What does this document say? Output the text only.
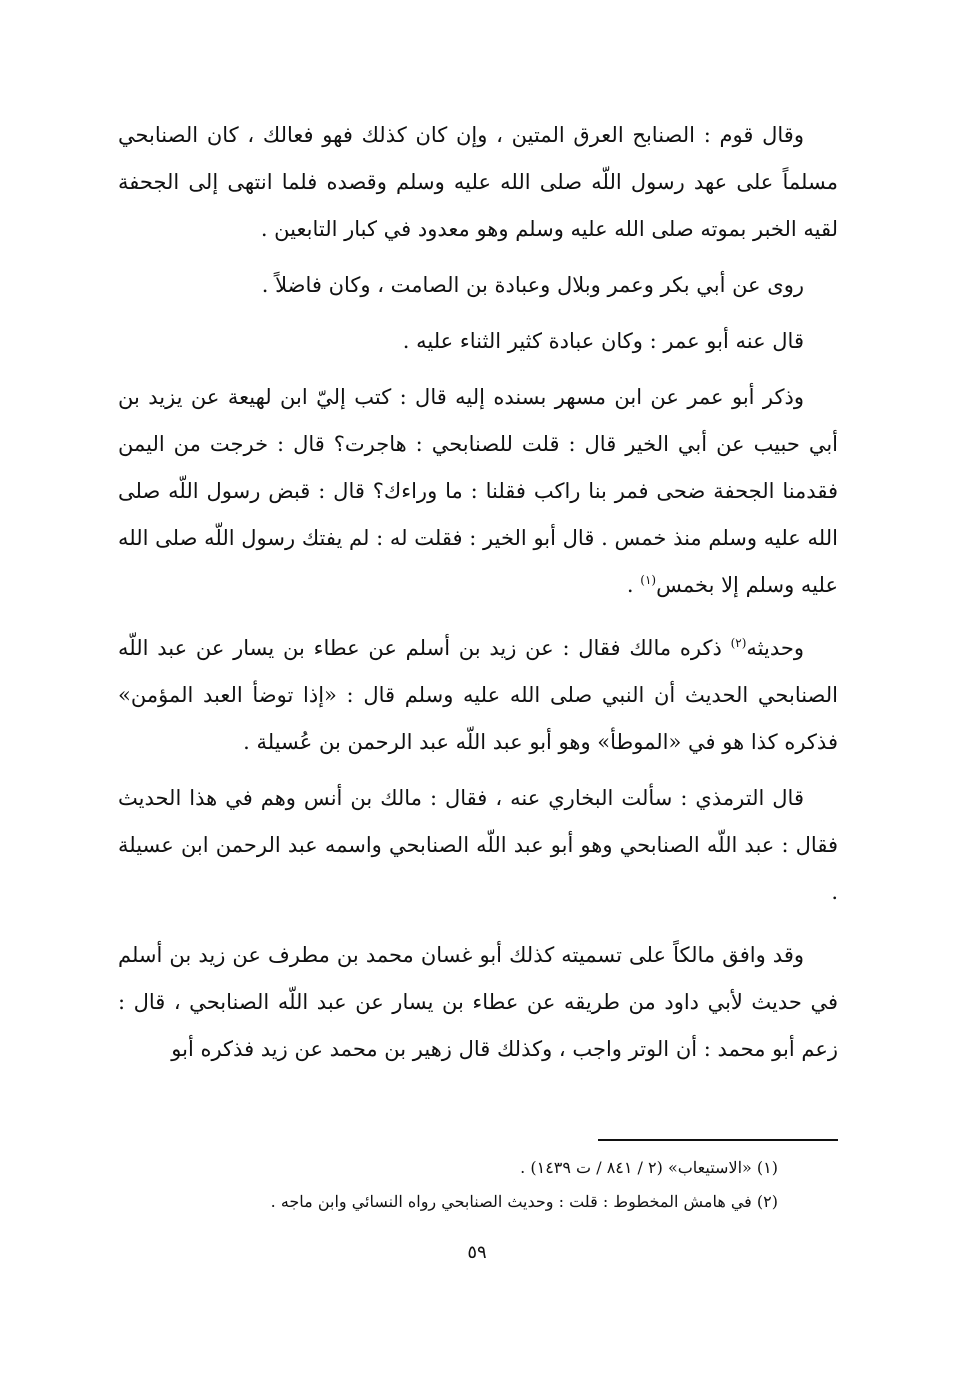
وقال قوم : الصنابح العرق المتين ، وإن كان كذلك فهو فعالك ، كان الصنابحي مسلماً على عهد رسول اللّه صلى الله عليه وسلم وقصده فلما انتهى إلى الجحفة لقيه الخبر بموته صلى الله عليه وسلم وهو معدود في كبار التابعين .

روى عن أبي بكر وعمر وبلال وعبادة بن الصامت ، وكان فاضلاً .

قال عنه أبو عمر : وكان عبادة كثير الثناء عليه .

وذكر أبو عمر عن ابن مسهر بسنده إليه قال : كتب إليّ ابن لهيعة عن يزيد بن أبي حبيب عن أبي الخير قال : قلت للصنابحي : هاجرت؟ قال : خرجت من اليمن فقدمنا الجحفة ضحى فمر بنا راكب فقلنا : ما وراءك؟ قال : قبض رسول اللّه صلى الله عليه وسلم منذ خمس . قال أبو الخير : فقلت له : لم يفتك رسول اللّه صلى الله عليه وسلم إلا بخمس$^{(١)}$ .

وحديثه$^{(٢)}$ ذكره مالك فقال : عن زيد بن أسلم عن عطاء بن يسار عن عبد اللّه الصنابحي الحديث أن النبي صلى الله عليه وسلم قال : «إذا توضأ العبد المؤمن» فذكره كذا هو في «الموطأ» وهو أبو عبد اللّه عبد الرحمن بن عُسيلة .

قال الترمذي : سألت البخاري عنه ، فقال : مالك بن أنس وهم في هذا الحديث فقال : عبد اللّه الصنابحي وهو أبو عبد اللّه الصنابحي واسمه عبد الرحمن ابن عسيلة .

وقد وافق مالكاً على تسميته كذلك أبو غسان محمد بن مطرف عن زيد بن أسلم في حديث لأبي داود من طريقه عن عطاء بن يسار عن عبد اللّه الصنابحي ، قال : زعم أبو محمد : أن الوتر واجب ، وكذلك قال زهير بن محمد عن زيد فذكره أبو

(١) «الاستيعاب» (٢ / ٨٤١ / ت ١٤٣٩) .

(٢) في هامش المخطوط : قلت : وحديث الصنابحي رواه النسائي وابن ماجه .

٥٩
